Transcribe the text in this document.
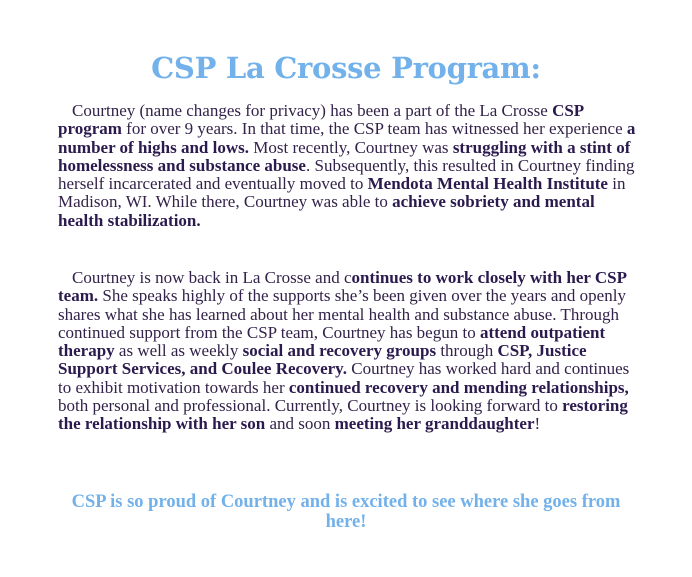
CSP La Crosse Program:

Courtney (name changes for privacy) has been a part of the La Crosse CSP program for over 9 years. In that time, the CSP team has witnessed her experience a number of highs and lows. Most recently, Courtney was struggling with a stint of homelessness and substance abuse. Subsequently, this resulted in Courtney finding herself incarcerated and eventually moved to Mendota Mental Health Institute in Madison, WI. While there, Courtney was able to achieve sobriety and mental health stabilization.

Courtney is now back in La Crosse and continues to work closely with her CSP team. She speaks highly of the supports she’s been given over the years and openly shares what she has learned about her mental health and substance abuse. Through continued support from the CSP team, Courtney has begun to attend outpatient therapy as well as weekly social and recovery groups through CSP, Justice Support Services, and Coulee Recovery. Courtney has worked hard and continues to exhibit motivation towards her continued recovery and mending relationships, both personal and professional. Currently, Courtney is looking forward to restoring the relationship with her son and soon meeting her granddaughter!

CSP is so proud of Courtney and is excited to see where she goes from here!
